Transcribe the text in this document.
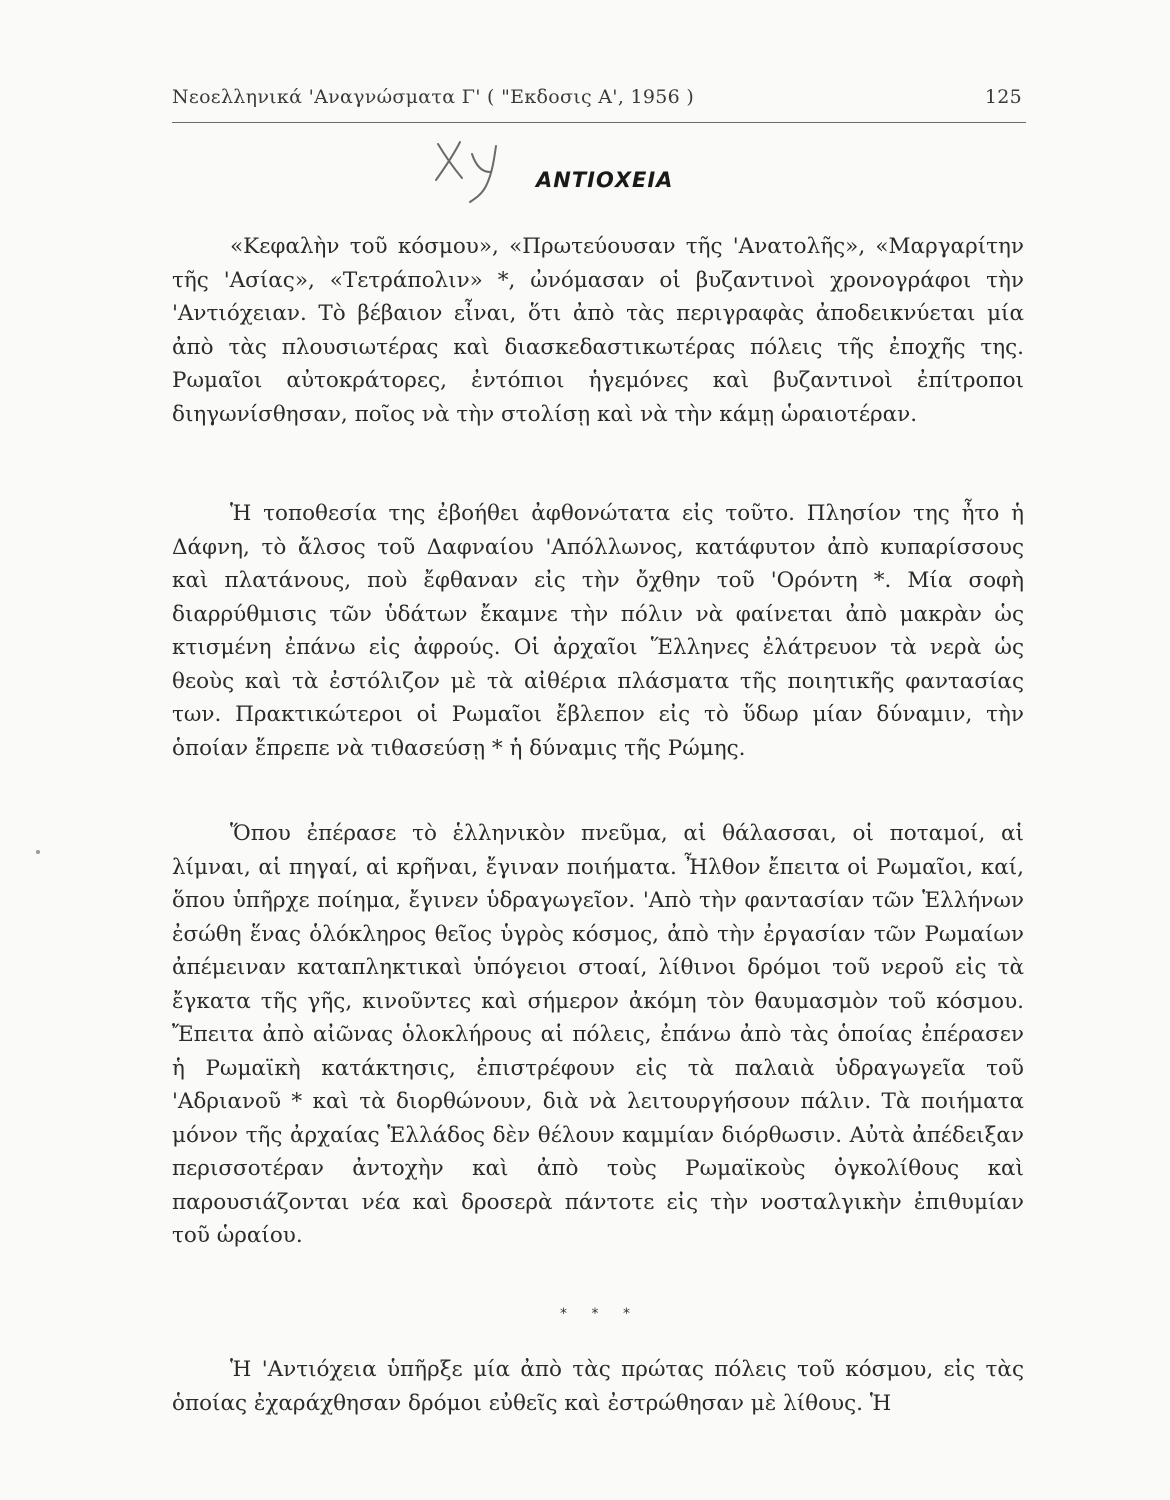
Νεοελληνικά 'Αναγνώσματα Γ' ( "Εκδοσις Α', 1956 )	125
ΑΝΤΙΟΧΕΙΑ

«Κεφαλὴν τοῦ κόσμου», «Πρωτεύουσαν τῆς 'Ανατολῆς», «Μαργαρίτην τῆς 'Ασίας», «Τετράπολιν» *, ὠνόμασαν οἱ βυζαντινοὶ χρονογράφοι τὴν 'Αντιόχειαν. Τὸ βέβαιον εἶναι, ὅτι ἀπὸ τὰς περιγραφὰς ἀποδεικνύεται μία ἀπὸ τὰς πλουσιωτέρας καὶ διασκεδαστικωτέρας πόλεις τῆς ἐποχῆς της. Ρωμαῖοι αὐτοκράτορες, ἐντόπιοι ἡγεμόνες καὶ βυζαντινοὶ ἐπίτροποι διηγωνίσθησαν, ποῖος νὰ τὴν στολίσῃ καὶ νὰ τὴν κάμῃ ὡραιοτέραν.

Ἡ τοποθεσία της ἐβοήθει ἀφθονώτατα εἰς τοῦτο. Πλησίον της ἦτο ἡ Δάφνη, τὸ ἄλσος τοῦ Δαφναίου 'Απόλλωνος, κατάφυτον ἀπὸ κυπαρίσσους καὶ πλατάνους, ποὺ ἔφθαναν εἰς τὴν ὄχθην τοῦ 'Ορόντη *. Μία σοφὴ διαρρύθμισις τῶν ὑδάτων ἔκαμνε τὴν πόλιν νὰ φαίνεται ἀπὸ μακρὰν ὡς κτισμένη ἐπάνω εἰς ἀφρούς. Οἱ ἀρχαῖοι Ἕλληνες ἐλάτρευον τὰ νερὰ ὡς θεοὺς καὶ τὰ ἐστόλιζον μὲ τὰ αἰθέρια πλάσματα τῆς ποιητικῆς φαντασίας των. Πρακτικώτεροι οἱ Ρωμαῖοι ἔβλεπον εἰς τὸ ὕδωρ μίαν δύναμιν, τὴν ὁποίαν ἔπρεπε νὰ τιθασεύσῃ * ἡ δύναμις τῆς Ρώμης.

Ὅπου ἐπέρασε τὸ ἑλληνικὸν πνεῦμα, αἱ θάλασσαι, οἱ ποταμοί, αἱ λίμναι, αἱ πηγαί, αἱ κρῆναι, ἔγιναν ποιήματα. Ἦλθον ἔπειτα οἱ Ρωμαῖοι, καί, ὅπου ὑπῆρχε ποίημα, ἔγινεν ὑδραγωγεῖον. 'Απὸ τὴν φαντασίαν τῶν Ἑλλήνων ἐσώθη ἕνας ὁλόκληρος θεῖος ὑγρὸς κόσμος, ἀπὸ τὴν ἐργασίαν τῶν Ρωμαίων ἀπέμειναν καταπληκτικαὶ ὑπόγειοι στοαί, λίθινοι δρόμοι τοῦ νεροῦ εἰς τὰ ἔγκατα τῆς γῆς, κινοῦντες καὶ σήμερον ἀκόμη τὸν θαυμασμὸν τοῦ κόσμου. Ἔπειτα ἀπὸ αἰῶνας ὁλοκλήρους αἱ πόλεις, ἐπάνω ἀπὸ τὰς ὁποίας ἐπέρασεν ἡ Ρωμαϊκὴ κατάκτησις, ἐπιστρέφουν εἰς τὰ παλαιὰ ὑδραγωγεῖα τοῦ 'Αδριανοῦ * καὶ τὰ διορθώνουν, διὰ νὰ λειτουργήσουν πάλιν. Τὰ ποιήματα μόνον τῆς ἀρχαίας Ἑλλάδος δὲν θέλουν καμμίαν διόρθωσιν. Αὐτὰ ἀπέδειξαν περισσοτέραν ἀντοχὴν καὶ ἀπὸ τοὺς Ρωμαϊκοὺς ὀγκολίθους καὶ παρουσιάζονται νέα καὶ δροσερὰ πάντοτε εἰς τὴν νοσταλγικὴν ἐπιθυμίαν τοῦ ὡραίου.

* * *

Ἡ 'Αντιόχεια ὑπῆρξε μία ἀπὸ τὰς πρώτας πόλεις τοῦ κόσμου, εἰς τὰς ὁποίας ἐχαράχθησαν δρόμοι εὐθεῖς καὶ ἐστρώθησαν μὲ λίθους. Ἡ
